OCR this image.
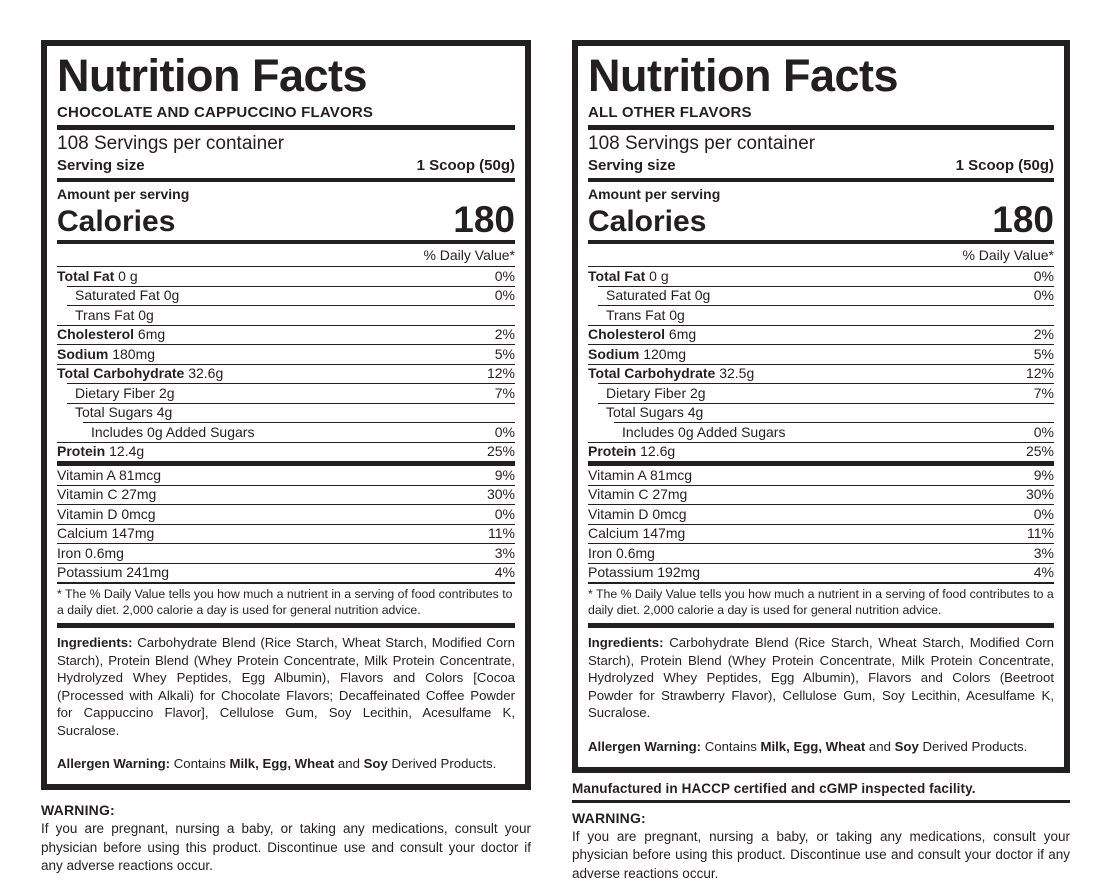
Nutrition Facts
CHOCOLATE AND CAPPUCCINO FLAVORS
108 Servings per container
Serving size	1 Scoop (50g)
Amount per serving
Calories	180
% Daily Value*
Total Fat 0 g	0%
Saturated Fat 0g	0%
Trans Fat 0g
Cholesterol 6mg	2%
Sodium 180mg	5%
Total Carbohydrate 32.6g	12%
Dietary Fiber 2g	7%
Total Sugars 4g
Includes 0g Added Sugars	0%
Protein 12.4g	25%
Vitamin A 81mcg	9%
Vitamin C 27mg	30%
Vitamin D 0mcg	0%
Calcium 147mg	11%
Iron 0.6mg	3%
Potassium 241mg	4%
* The % Daily Value tells you how much a nutrient in a serving of food contributes to a daily diet. 2,000 calorie a day is used for general nutrition advice.

Ingredients: Carbohydrate Blend (Rice Starch, Wheat Starch, Modified Corn Starch), Protein Blend (Whey Protein Concentrate, Milk Protein Concentrate, Hydrolyzed Whey Peptides, Egg Albumin), Flavors and Colors [Cocoa (Processed with Alkali) for Chocolate Flavors; Decaffeinated Coffee Powder for Cappuccino Flavor], Cellulose Gum, Soy Lecithin, Acesulfame K, Sucralose.

Allergen Warning: Contains Milk, Egg, Wheat and Soy Derived Products.

WARNING:
If you are pregnant, nursing a baby, or taking any medications, consult your physician before using this product. Discontinue use and consult your doctor if any adverse reactions occur.
Nutrition Facts
ALL OTHER FLAVORS
108 Servings per container
Serving size	1 Scoop (50g)
Amount per serving
Calories	180
% Daily Value*
Total Fat 0 g	0%
Saturated Fat 0g	0%
Trans Fat 0g
Cholesterol 6mg	2%
Sodium 120mg	5%
Total Carbohydrate 32.5g	12%
Dietary Fiber 2g	7%
Total Sugars 4g
Includes 0g Added Sugars	0%
Protein 12.6g	25%
Vitamin A 81mcg	9%
Vitamin C 27mg	30%
Vitamin D 0mcg	0%
Calcium 147mg	11%
Iron 0.6mg	3%
Potassium 192mg	4%
* The % Daily Value tells you how much a nutrient in a serving of food contributes to a daily diet. 2,000 calorie a day is used for general nutrition advice.

Ingredients: Carbohydrate Blend (Rice Starch, Wheat Starch, Modified Corn Starch), Protein Blend (Whey Protein Concentrate, Milk Protein Concentrate, Hydrolyzed Whey Peptides, Egg Albumin), Flavors and Colors (Beetroot Powder for Strawberry Flavor), Cellulose Gum, Soy Lecithin, Acesulfame K, Sucralose.

Allergen Warning: Contains Milk, Egg, Wheat and Soy Derived Products.

Manufactured in HACCP certified and cGMP inspected facility.
WARNING:
If you are pregnant, nursing a baby, or taking any medications, consult your physician before using this product. Discontinue use and consult your doctor if any adverse reactions occur.
